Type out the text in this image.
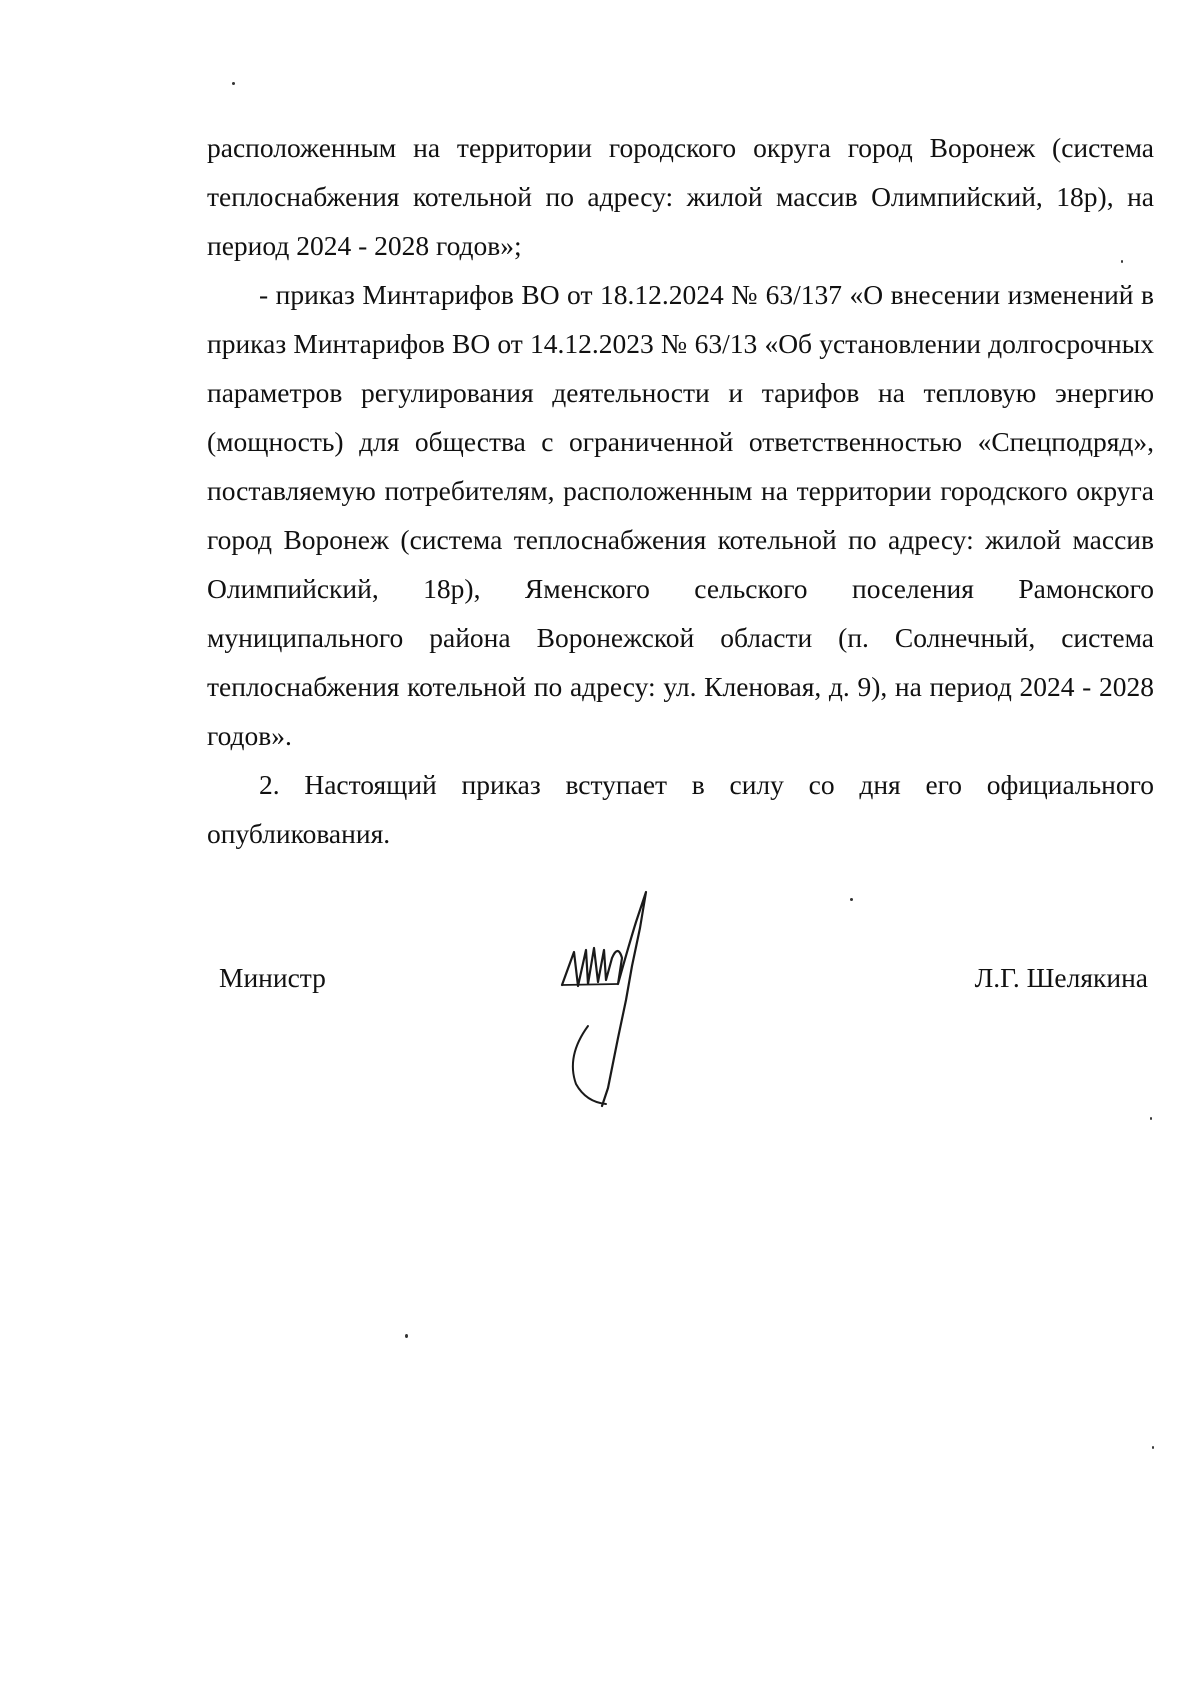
расположенным на территории городского округа город Воронеж (система теплоснабжения котельной по адресу: жилой массив Олимпийский, 18р), на период 2024 - 2028 годов»;

- приказ Минтарифов ВО от 18.12.2024 № 63/137 «О внесении изменений в приказ Минтарифов ВО от 14.12.2023 № 63/13 «Об установлении долгосрочных параметров регулирования деятельности и тарифов на тепловую энергию (мощность) для общества с ограниченной ответственностью «Спецподряд», поставляемую потребителям, расположенным на территории городского округа город Воронеж (система теплоснабжения котельной по адресу: жилой массив Олимпийский, 18р), Яменского сельского поселения Рамонского муниципального района Воронежской области (п. Солнечный, система теплоснабжения котельной по адресу: ул. Кленовая, д. 9), на период 2024 - 2028 годов».

2. Настоящий приказ вступает в силу со дня его официального опубликования.

Министр	Л.Г. Шелякина
